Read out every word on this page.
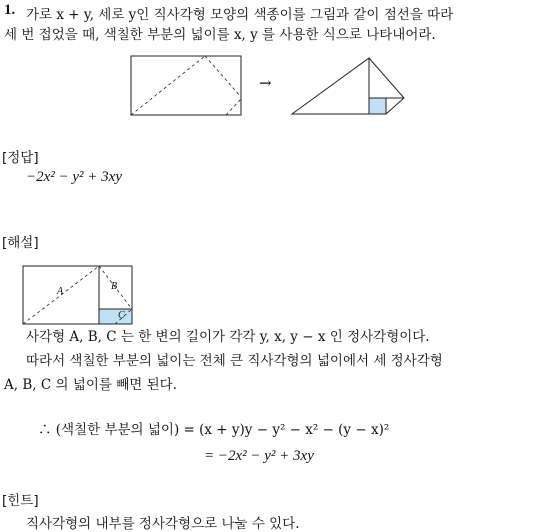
1. 가로 x + y, 세로 y인 직사각형 모양의 색종이를 그림과 같이 점선을 따라
세 번 접었을 때, 색칠한 부분의 넓이를 x, y 를 사용한 식으로 나타내어라.
→
[정답]
−2x² − y² + 3xy
[해설]
A	B
C
사각형 A, B, C 는 한 변의 길이가 각각 y, x, y − x 인 정사각형이다.
따라서 색칠한 부분의 넓이는 전체 큰 직사각형의 넓이에서 세 정사각형
A, B, C 의 넓이를 빼면 된다.
∴ (색칠한 부분의 넓이) = (x + y)y − y² − x² − (y − x)²
= −2x² − y² + 3xy
[힌트]
직사각형의 내부를 정사각형으로 나눌 수 있다.
